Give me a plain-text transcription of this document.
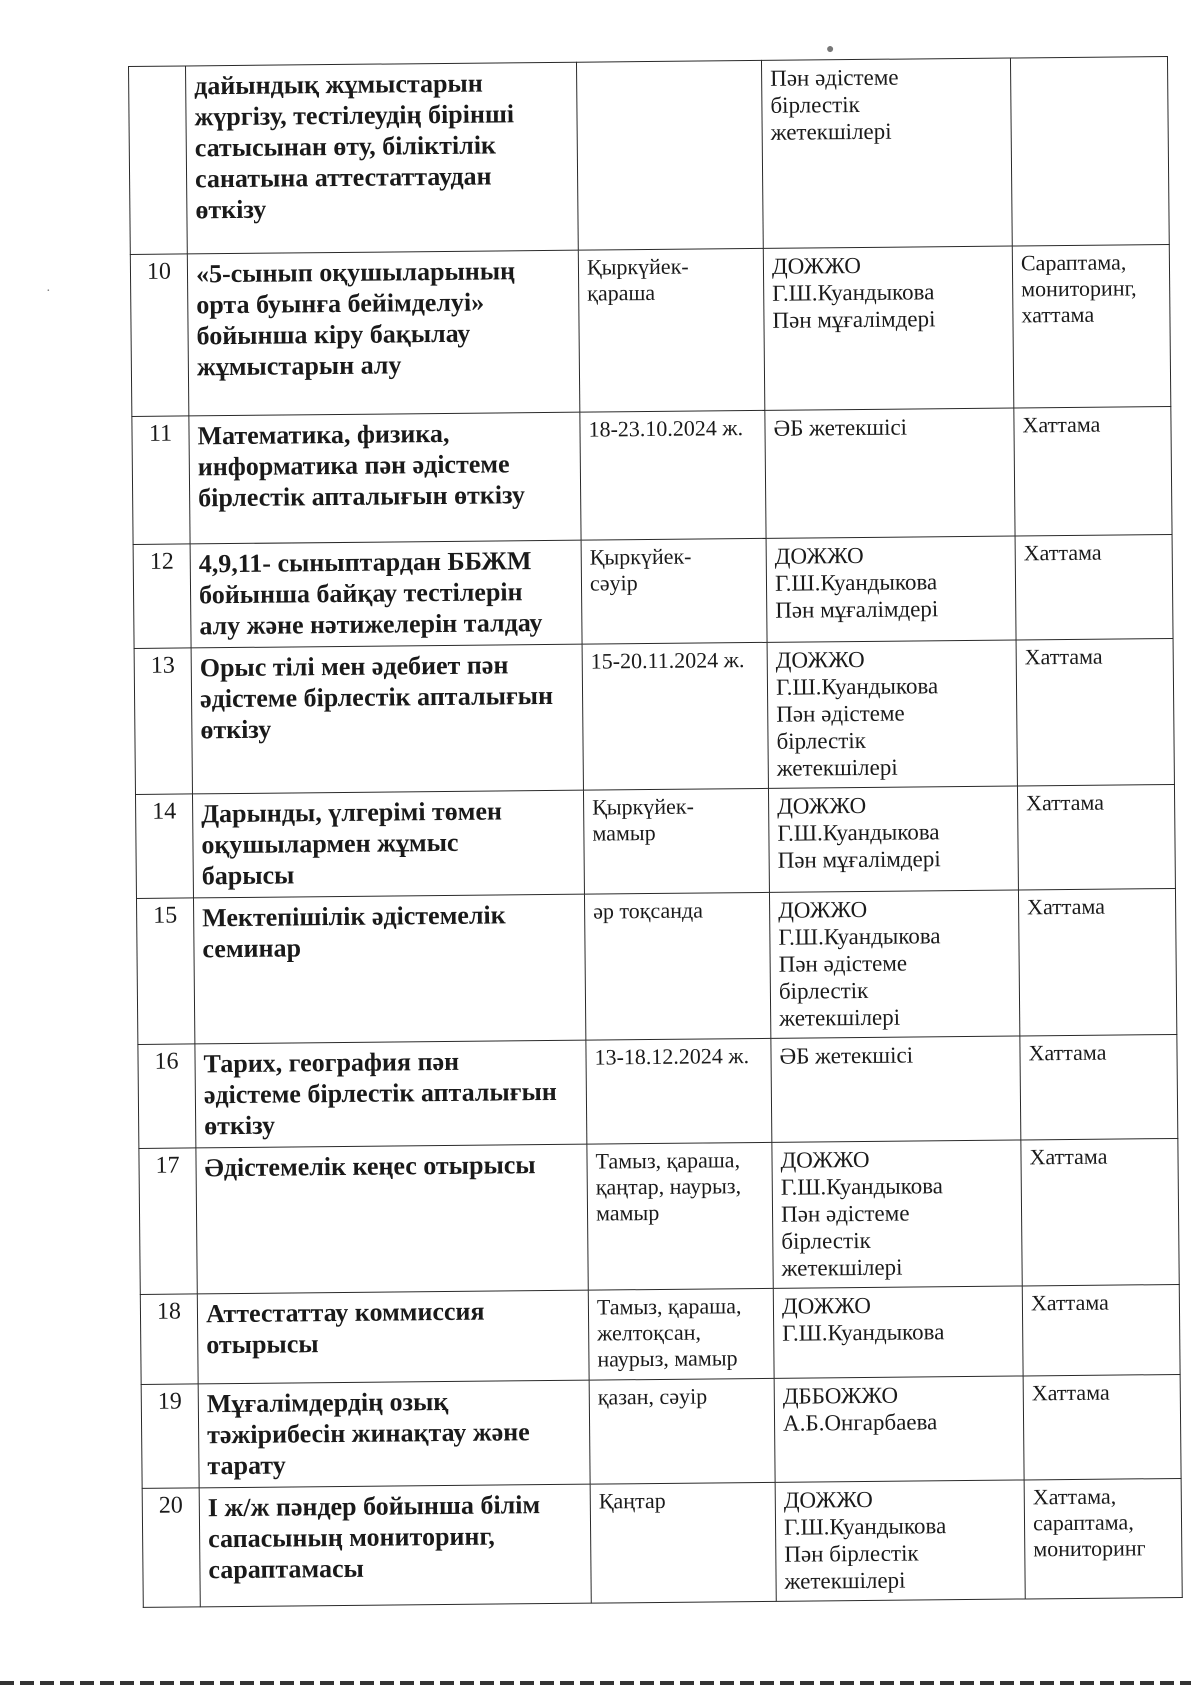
●
·

	дайындық жұмыстарын
жүргізу, тестілеудің бірінші
сатысынан өту, біліктілік
санатына аттестаттаудан
өткізу		Пән әдістеме
бірлестік
жетекшілері	

10	«5-сынып оқушыларының
орта буынға бейімделуі»
бойынша кіру бақылау
жұмыстарын алу	Қыркүйек-
қараша	ДОЖЖО
Г.Ш.Куандыкова
Пән мұғалімдері	Сараптама,
мониторинг,
хаттама

11	Математика, физика,
информатика пән әдістеме
бірлестік апталығын өткізу	18-23.10.2024 ж.	ӘБ жетекшісі	Хаттама

12	4,9,11- сыныптардан ББЖМ
бойынша байқау тестілерін
алу және нәтижелерін талдау	Қыркүйек-
сәуір	ДОЖЖО
Г.Ш.Куандыкова
Пән мұғалімдері	Хаттама

13	Орыс тілі мен әдебиет пән
әдістеме бірлестік апталығын
өткізу	15-20.11.2024 ж.	ДОЖЖО
Г.Ш.Куандыкова
Пән әдістеме
бірлестік
жетекшілері	Хаттама

14	Дарынды, үлгерімі төмен
оқушылармен жұмыс
барысы	Қыркүйек-
мамыр	ДОЖЖО
Г.Ш.Куандыкова
Пән мұғалімдері	Хаттама

15	Мектепішілік әдістемелік
семинар	әр тоқсанда	ДОЖЖО
Г.Ш.Куандыкова
Пән әдістеме
бірлестік
жетекшілері	Хаттама

16	Тарих, география пән
әдістеме бірлестік апталығын
өткізу	13-18.12.2024 ж.	ӘБ жетекшісі	Хаттама

17	Әдістемелік кеңес отырысы	Тамыз, қараша,
қаңтар, наурыз,
мамыр	ДОЖЖО
Г.Ш.Куандыкова
Пән әдістеме
бірлестік
жетекшілері	Хаттама

18	Аттестаттау коммиссия
отырысы	Тамыз, қараша,
желтоқсан,
наурыз, мамыр	ДОЖЖО
Г.Ш.Куандыкова	Хаттама

19	Мұғалімдердің озық
тәжірибесін жинақтау және
тарату	қазан, сәуір	ДББОЖЖО
А.Б.Онгарбаева	Хаттама

20	І ж/ж пәндер бойынша білім
сапасының мониторинг,
сараптамасы	Қаңтар	ДОЖЖО
Г.Ш.Куандыкова
Пән бірлестік
жетекшілері	Хаттама,
сараптама,
мониторинг
